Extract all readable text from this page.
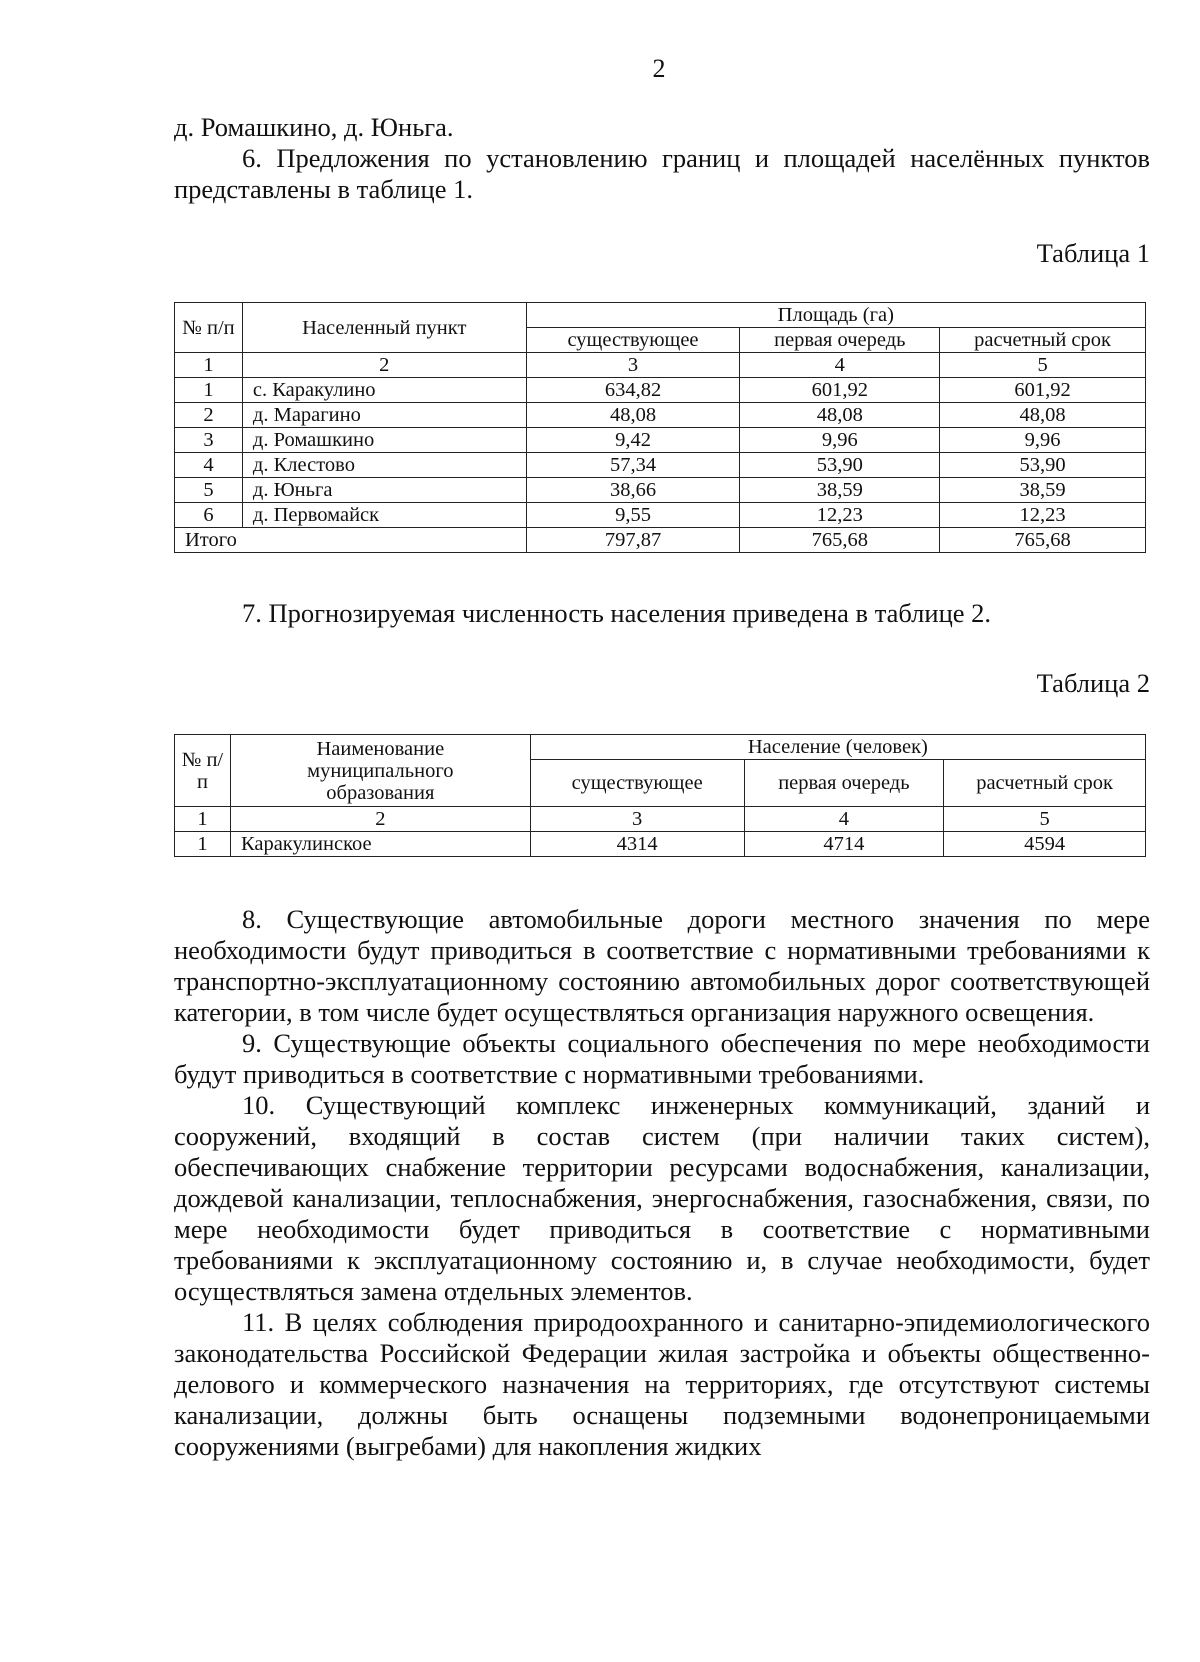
2

д. Ромашкино, д. Юньга.

6. Предложения по установлению границ и площадей населённых пунктов представлены в таблице 1.

Таблица 1
№ п/п	Населенный пункт	Площадь (га)		
		существующее	первая очередь	расчетный срок
1	2	3	4	5
1	с. Каракулино	634,82	601,92	601,92
2	д. Марагино	48,08	48,08	48,08
3	д. Ромашкино	9,42	9,96	9,96
4	д. Клестово	57,34	53,90	53,90
5	д. Юньга	38,66	38,59	38,59
6	д. Первомайск	9,55	12,23	12,23
Итого		797,87	765,68	765,68

7. Прогнозируемая численность населения приведена в таблице 2.

Таблица 2
№ п/п	Наименование муниципального образования	Население (человек)		
		существующее	первая очередь	расчетный срок
1	2	3	4	5
1	Каракулинское	4314	4714	4594

8. Существующие автомобильные дороги местного значения по мере необходимости будут приводиться в соответствие с нормативными требованиями к транспортно-эксплуатационному состоянию автомобильных дорог соответствующей категории, в том числе будет осуществляться организация наружного освещения.

9. Существующие объекты социального обеспечения по мере необходимости будут приводиться в соответствие с нормативными требованиями.

10. Существующий комплекс инженерных коммуникаций, зданий и сооружений, входящий в состав систем (при наличии таких систем), обеспечивающих снабжение территории ресурсами водоснабжения, канализации, дождевой канализации, теплоснабжения, энергоснабжения, газоснабжения, связи, по мере необходимости будет приводиться в соответствие с нормативными требованиями к эксплуатационному состоянию и, в случае необходимости, будет осуществляться замена отдельных элементов.

11. В целях соблюдения природоохранного и санитарно-эпидемиологического законодательства Российской Федерации жилая застройка и объекты общественно-делового и коммерческого назначения на территориях, где отсутствуют системы канализации, должны быть оснащены подземными водонепроницаемыми сооружениями (выгребами) для накопления жидких
